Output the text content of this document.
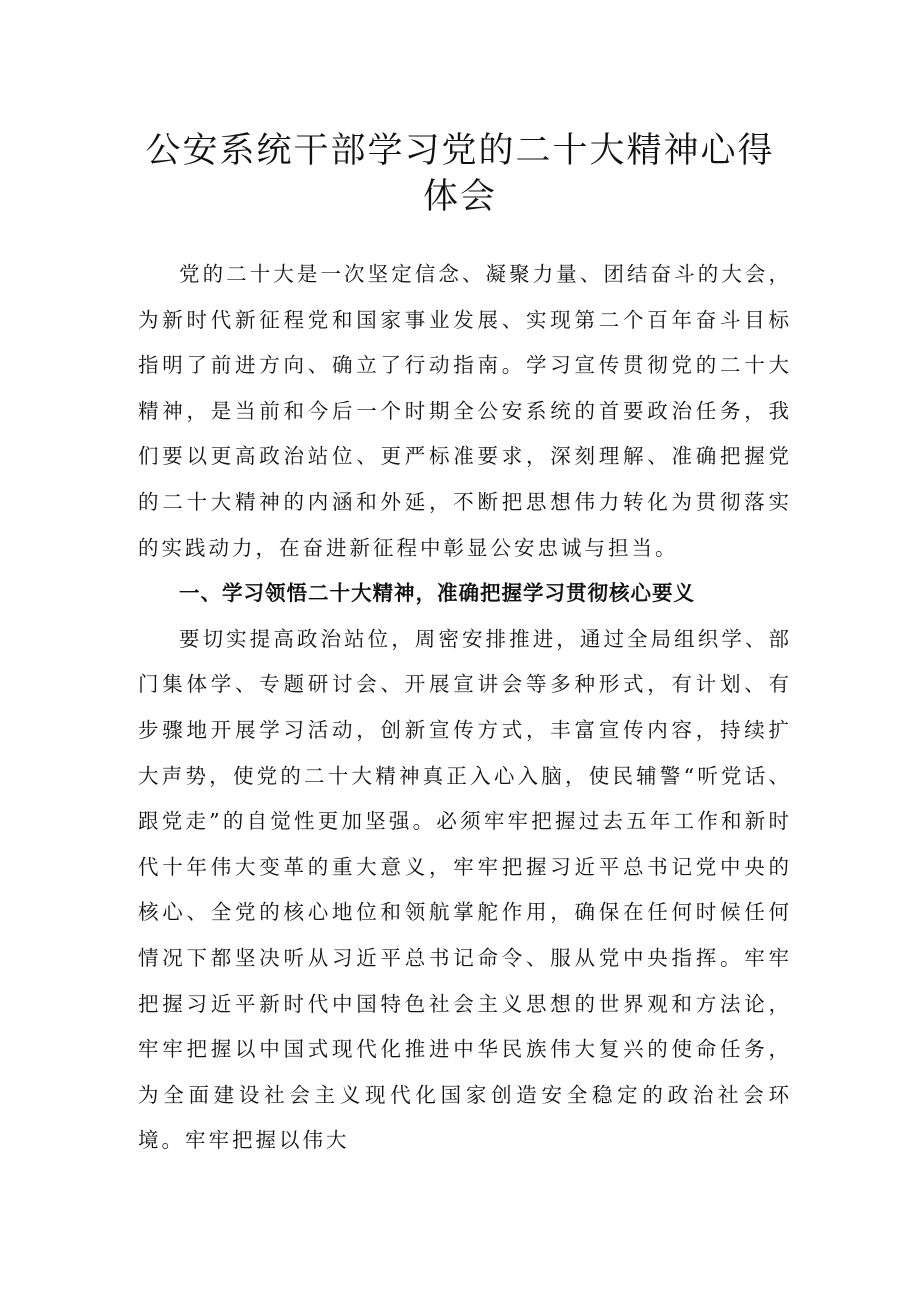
公安系统干部学习党的二十大精神心得体会

党的二十大是一次坚定信念、凝聚力量、团结奋斗的大会，为新时代新征程党和国家事业发展、实现第二个百年奋斗目标指明了前进方向、确立了行动指南。学习宣传贯彻党的二十大精神，是当前和今后一个时期全公安系统的首要政治任务，我们要以更高政治站位、更严标准要求，深刻理解、准确把握党的二十大精神的内涵和外延，不断把思想伟力转化为贯彻落实的实践动力，在奋进新征程中彰显公安忠诚与担当。

一、学习领悟二十大精神，准确把握学习贯彻核心要义

要切实提高政治站位，周密安排推进，通过全局组织学、部门集体学、专题研讨会、开展宣讲会等多种形式，有计划、有步骤地开展学习活动，创新宣传方式，丰富宣传内容，持续扩大声势，使党的二十大精神真正入心入脑，使民辅警“听党话、跟党走”的自觉性更加坚强。必须牢牢把握过去五年工作和新时代十年伟大变革的重大意义，牢牢把握习近平总书记党中央的核心、全党的核心地位和领航掌舵作用，确保在任何时候任何情况下都坚决听从习近平总书记命令、服从党中央指挥。牢牢把握习近平新时代中国特色社会主义思想的世界观和方法论，牢牢把握以中国式现代化推进中华民族伟大复兴的使命任务，为全面建设社会主义现代化国家创造安全稳定的政治社会环境。牢牢把握以伟大
